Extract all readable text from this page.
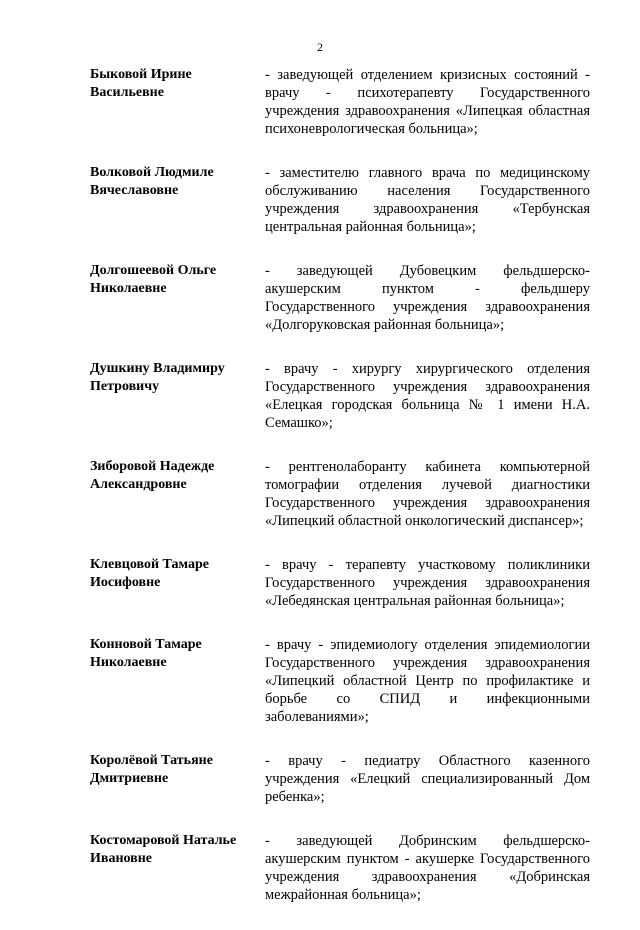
2
Быковой Ирине Васильевне
- заведующей отделением кризисных состояний - врачу - психотерапевту Государственного учреждения здравоохранения «Липецкая областная психоневрологическая больница»;
Волковой Людмиле Вячеславовне
- заместителю главного врача по медицинскому обслуживанию населения Государственного учреждения здравоохранения «Тербунская центральная районная больница»;
Долгошеевой Ольге Николаевне
- заведующей Дубовецким фельдшерско-акушерским пунктом - фельдшеру Государственного учреждения здравоохранения «Долгоруковская районная больница»;
Душкину Владимиру Петровичу
- врачу - хирургу хирургического отделения Государственного учреждения здравоохранения «Елецкая городская больница № 1 имени Н.А. Семашко»;
Зиборовой Надежде Александровне
- рентгенолаборанту кабинета компьютерной томографии отделения лучевой диагностики Государственного учреждения здравоохранения «Липецкий областной онкологический диспансер»;
Клевцовой Тамаре Иосифовне
- врачу - терапевту участковому поликлиники Государственного учреждения здравоохранения «Лебедянская центральная районная больница»;
Конновой Тамаре Николаевне
- врачу - эпидемиологу отделения эпидемиологии Государственного учреждения здравоохранения «Липецкий областной Центр по профилактике и борьбе со СПИД и инфекционными заболеваниями»;
Королёвой Татьяне Дмитриевне
- врачу - педиатру Областного казенного учреждения «Елецкий специализированный Дом ребенка»;
Костомаровой Наталье Ивановне
- заведующей Добринским фельдшерско-акушерским пунктом - акушерке Государственного учреждения здравоохранения «Добринская межрайонная больница»;
